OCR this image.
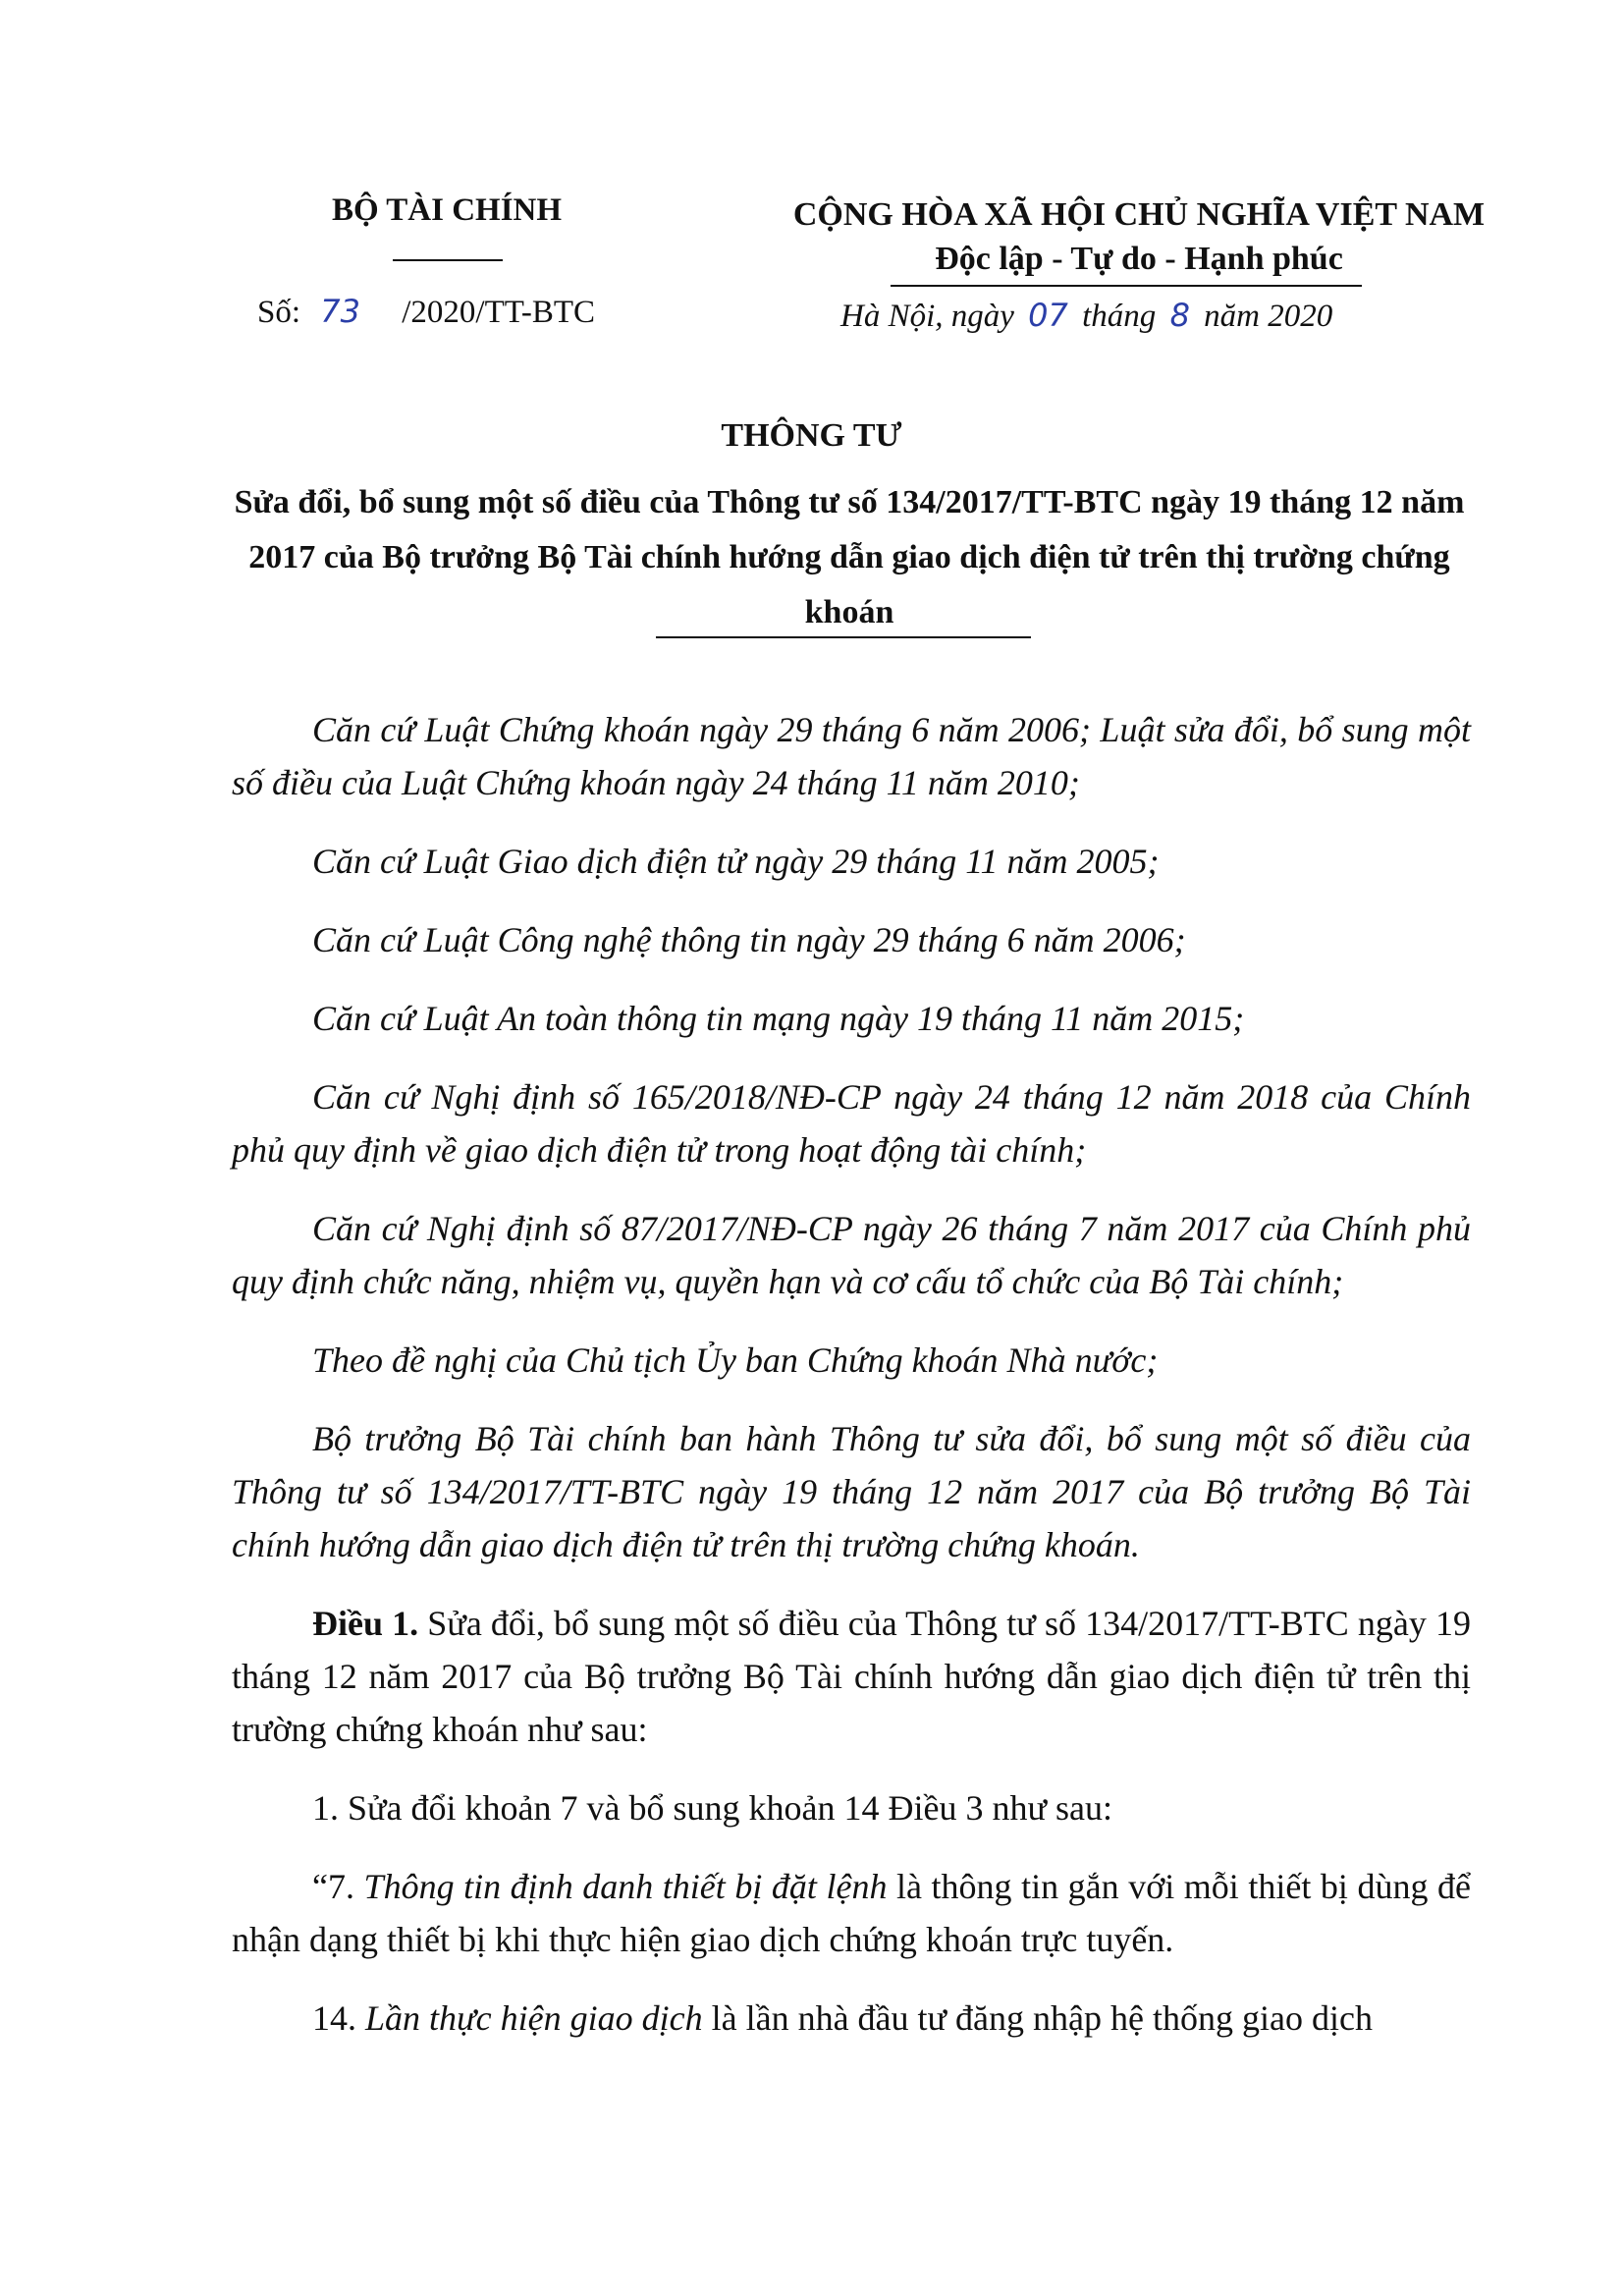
BỘ TÀI CHÍNH
Số: 73 /2020/TT-BTC
CỘNG HÒA XÃ HỘI CHỦ NGHĨA VIỆT NAM
Độc lập - Tự do - Hạnh phúc
Hà Nội, ngày 07 tháng 8 năm 2020
THÔNG TƯ
Sửa đổi, bổ sung một số điều của Thông tư số 134/2017/TT-BTC ngày 19 tháng 12 năm 2017 của Bộ trưởng Bộ Tài chính hướng dẫn giao dịch điện tử trên thị trường chứng khoán

Căn cứ Luật Chứng khoán ngày 29 tháng 6 năm 2006; Luật sửa đổi, bổ sung một số điều của Luật Chứng khoán ngày 24 tháng 11 năm 2010;

Căn cứ Luật Giao dịch điện tử ngày 29 tháng 11 năm 2005;

Căn cứ Luật Công nghệ thông tin ngày 29 tháng 6 năm 2006;

Căn cứ Luật An toàn thông tin mạng ngày 19 tháng 11 năm 2015;

Căn cứ Nghị định số 165/2018/NĐ-CP ngày 24 tháng 12 năm 2018 của Chính phủ quy định về giao dịch điện tử trong hoạt động tài chính;

Căn cứ Nghị định số 87/2017/NĐ-CP ngày 26 tháng 7 năm 2017 của Chính phủ quy định chức năng, nhiệm vụ, quyền hạn và cơ cấu tổ chức của Bộ Tài chính;

Theo đề nghị của Chủ tịch Ủy ban Chứng khoán Nhà nước;

Bộ trưởng Bộ Tài chính ban hành Thông tư sửa đổi, bổ sung một số điều của Thông tư số 134/2017/TT-BTC ngày 19 tháng 12 năm 2017 của Bộ trưởng Bộ Tài chính hướng dẫn giao dịch điện tử trên thị trường chứng khoán.

Điều 1. Sửa đổi, bổ sung một số điều của Thông tư số 134/2017/TT-BTC ngày 19 tháng 12 năm 2017 của Bộ trưởng Bộ Tài chính hướng dẫn giao dịch điện tử trên thị trường chứng khoán như sau:

1. Sửa đổi khoản 7 và bổ sung khoản 14 Điều 3 như sau:

“7. Thông tin định danh thiết bị đặt lệnh là thông tin gắn với mỗi thiết bị dùng để nhận dạng thiết bị khi thực hiện giao dịch chứng khoán trực tuyến.

14. Lần thực hiện giao dịch là lần nhà đầu tư đăng nhập hệ thống giao dịch
